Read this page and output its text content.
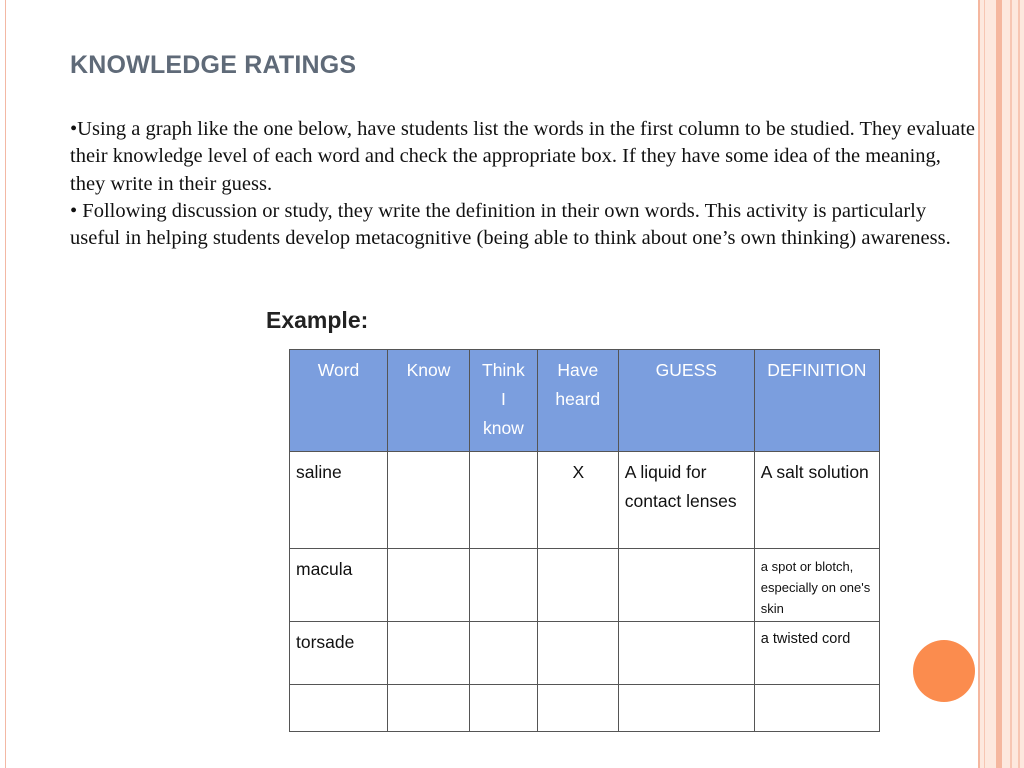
KNOWLEDGE RATINGS

•Using a graph like the one below, have students list the words in the first column to be studied. They evaluate their knowledge level of each word and check the appropriate box. If they have some idea of the meaning, they write in their guess.

• Following discussion or study, they write the definition in their own words. This activity is particularly useful in helping students develop metacognitive (being able to think about one’s own thinking) awareness.

Example:
Word	Know	Think I know	Have heard	GUESS	DEFINITION

saline			X	A liquid for contact lenses	A salt solution
macula					a spot or blotch, especially on one's skin
torsade					a twisted cord
